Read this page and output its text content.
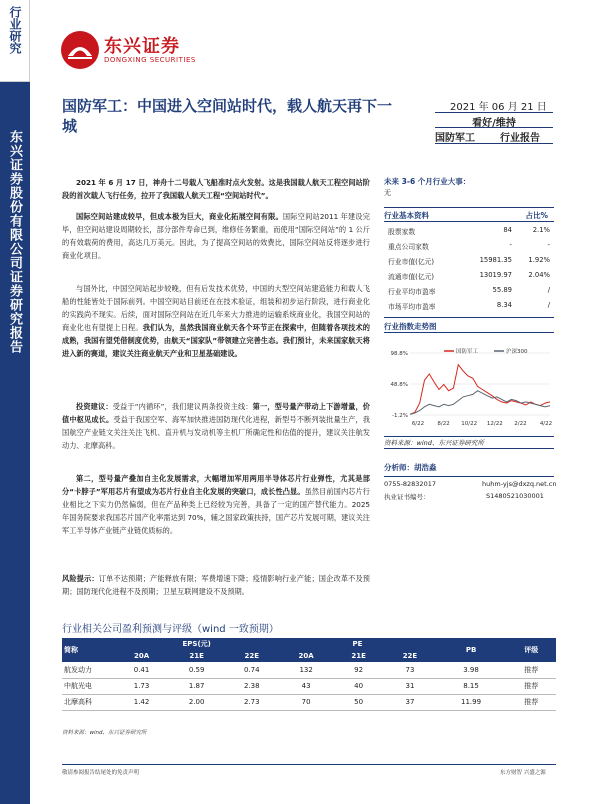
行业研究
东兴证券股份有限公司证券研究报告
东兴证券
DONGXING SECURITIES
国防军工：中国进入空间站时代，载人航天再下一城
2021 年 06 月 21 日
看好/维持
国防军工	行业报告
2021 年 6 月 17 日，神舟十二号载人飞船准时点火发射。这是我国载人航天工程空间站阶段的首次载人飞行任务，拉开了我国载人航天工程“空间站时代”。
国际空间站建成较早，但成本极为巨大，商业化拓展空间有限。国际空间站2011 年建设完毕，但空间站建设周期较长，部分部件寿命已到，维修任务繁重，而使用“国际空间站”的 1 公斤的有效载荷的费用，高达几万美元。因此，为了提高空间站的效费比，国际空间站反将逐步进行商业化项目。
与国外比，中国空间站起步较晚，但有后发技术优势，中国的大型空间站建造能力和载人飞船的性能皆处于国际前列。中国空间站目前还在在技术验证，组装和初步运行阶段，进行商业化的实践尚不现实。后续，面对国际空间站在近几年来大力推进的运输系统商业化，我国空间站的商业化也有望提上日程。我们认为，虽然我国商业航天各个环节正在探索中，但随着各项技术的成熟，我国有望凭借制度优势，由航天“国家队”带领建立完善生态。我们预计，未来国家航天将进入新的赛道，建议关注商业航天产业和卫星基础建设。
投资建议：受益于“内循环”，我们建议两条投资主线：第一，型号量产带动上下游增量，价值中枢见成长。受益于我国空军、海军加快推进国防现代化进程，新型号不断列装批量生产，我国航空产业链文关注关注飞机、直升机与发动机等主机厂所确定性和估值的提升，建议关注航发动力、北摩高科。
第二，型号量产叠加自主化发展需求，大幅增加军用两用半导体芯片行业弹性，尤其是部分“卡脖子”军用芯片有望成为芯片行业自主化发展的突破口，成长性凸显。虽然目前国内芯片行业相比之下实力仍然偏弱，但在产品种类上已经较为完善，具备了一定的国产替代能力。2025 年国务院要求我国芯片国产化率需达到 70%，辅之国家政策扶持，国产芯片发展可期，建议关注军工半导体产业链产业链优质标的。
风险提示：订单不达预期；产能释放有限；军费增速下降；疫情影响行业产能；国企改革不及预期；国防现代化进程不及预期；卫星互联网建设不及预期。
未来 3-6 个月行业大事：
无
行业基本资料	占比%
股票家数	84	2.1%
重点公司家数	-	-
行业市值(亿元)	15981.35	1.92%
流通市值(亿元)	13019.97	2.04%
行业平均市盈率	55.89	/
市场平均市盈率	8.34	/
行业指数走势图
98.8%
48.8%
-1.2%
6/22 8/22 10/22 12/22 2/22 4/22
国防军工	沪深300
资料来源：wind、东兴证券研究所
分析师：胡浩淼
0755-82832017	huhm-yjs@dxzq.net.cn
执业证书编号：	S1480521030001
行业相关公司盈利预测与评级（wind 一致预期）
简称	EPS(元)			PE			PB	评级
	20A	21E	22E	20A	21E	22E		
航发动力	0.41	0.59	0.74	132	92	73	3.98	推荐
中航光电	1.73	1.87	2.38	43	40	31	8.15	推荐
北摩高科	1.42	2.00	2.73	70	50	37	11.99	推荐
资料来源：wind、东兴证券研究所
敬请参阅报告结尾处的免责声明	东方财智 兴盛之源
